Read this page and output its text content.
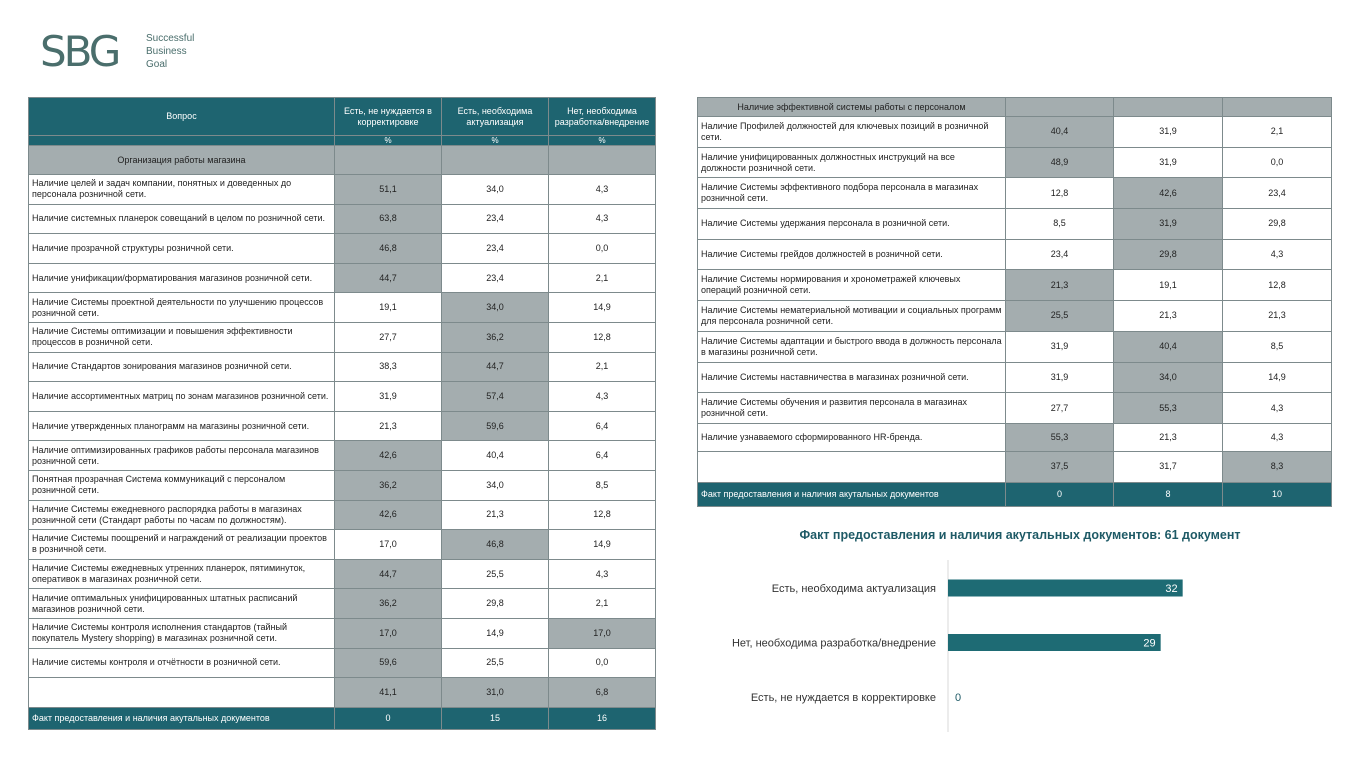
SBG	Successful
Business
Goal
Вопрос	Есть, не нуждается в корректировке	Есть, необходима актуализация	Нет, необходима разработка/внедрение
	%	%	%
Организация работы магазина			
Наличие целей и задач компании, понятных и доведенных до персонала розничной сети.	51,1	34,0	4,3
Наличие системных планерок совещаний в целом по розничной сети.	63,8	23,4	4,3
Наличие прозрачной структуры розничной сети.	46,8	23,4	0,0
Наличие унификации/форматирования магазинов розничной сети.	44,7	23,4	2,1
Наличие Системы проектной деятельности по улучшению процессов розничной сети.	19,1	34,0	14,9
Наличие Системы оптимизации и повышения эффективности процессов в розничной сети.	27,7	36,2	12,8
Наличие Стандартов зонирования магазинов розничной сети.	38,3	44,7	2,1
Наличие ассортиментных матриц по зонам магазинов розничной сети.	31,9	57,4	4,3
Наличие утвержденных планограмм на магазины розничной сети.	21,3	59,6	6,4
Наличие оптимизированных графиков работы персонала магазинов розничной сети.	42,6	40,4	6,4
Понятная прозрачная Система коммуникаций с персоналом розничной сети.	36,2	34,0	8,5
Наличие Системы ежедневного распорядка работы в магазинах розничной сети (Стандарт работы по часам по должностям).	42,6	21,3	12,8
Наличие Системы поощрений и награждений от реализации проектов в розничной сети.	17,0	46,8	14,9
Наличие Системы ежедневных утренних планерок, пятиминуток, оперативок в магазинах розничной сети.	44,7	25,5	4,3
Наличие оптимальных унифицированных штатных расписаний магазинов розничной сети.	36,2	29,8	2,1
Наличие Системы контроля исполнения стандартов (тайный покупатель Mystery shopping) в магазинах розничной сети.	17,0	14,9	17,0
Наличие системы контроля и отчётности в розничной сети.	59,6	25,5	0,0
	41,1	31,0	6,8
Факт предоставления и наличия акутальных документов	0	15	16
Наличие эффективной системы работы с персоналом			
Наличие Профилей должностей для ключевых позиций в розничной сети.	40,4	31,9	2,1
Наличие унифицированных должностных инструкций на все должности розничной сети.	48,9	31,9	0,0
Наличие Системы эффективного подбора персонала в магазинах розничной сети.	12,8	42,6	23,4
Наличие Системы удержания персонала в розничной сети.	8,5	31,9	29,8
Наличие Системы грейдов должностей в розничной сети.	23,4	29,8	4,3
Наличие Системы нормирования и хронометражей ключевых операций розничной сети.	21,3	19,1	12,8
Наличие Системы нематериальной мотивации и социальных программ для персонала розничной сети.	25,5	21,3	21,3
Наличие Системы адаптации и быстрого ввода в должность персонала в магазины розничной сети.	31,9	40,4	8,5
Наличие Системы наставничества в магазинах розничной сети.	31,9	34,0	14,9
Наличие Системы обучения и развития персонала в магазинах розничной сети.	27,7	55,3	4,3
Наличие узнаваемого сформированного HR-бренда.	55,3	21,3	4,3
	37,5	31,7	8,3
Факт предоставления и наличия акутальных документов	0	8	10
Факт предоставления и наличия акутальных документов: 61 документ
Есть, необходима актуализация	32
Нет, необходима разработка/внедрение	29
Есть, не нуждается в корректировке 0
